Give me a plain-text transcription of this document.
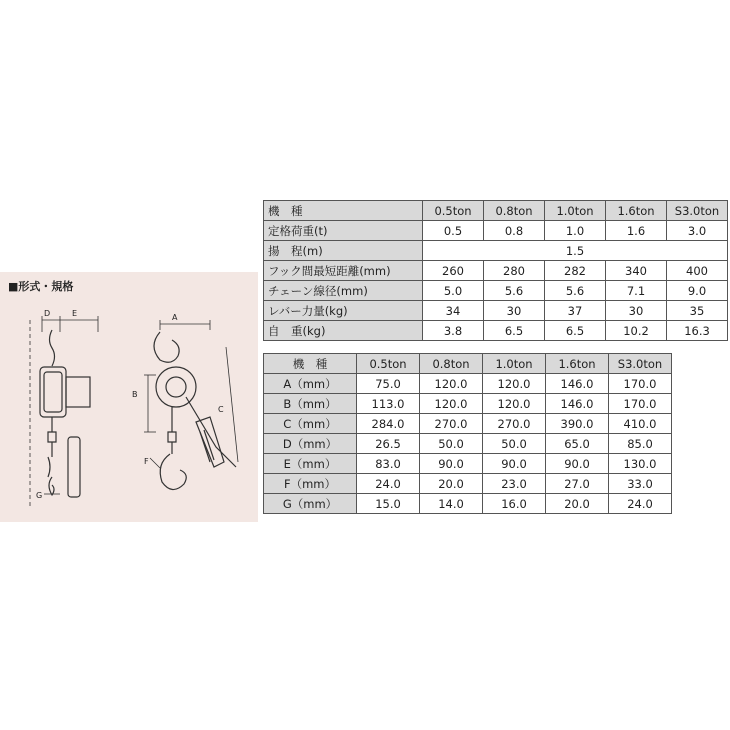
■形式・規格
D	E	A
B
C
F
G
機　種	0.5ton	0.8ton	1.0ton	1.6ton	S3.0ton
定格荷重(t)	0.5	0.8	1.0	1.6	3.0
揚　程(m)	1.5				
フック間最短距離(mm)	260	280	282	340	400
チェーン線径(mm)	5.0	5.6	5.6	7.1	9.0
レバー力量(kg)	34	30	37	30	35
自　重(kg)	3.8	6.5	6.5	10.2	16.3
機　種	0.5ton	0.8ton	1.0ton	1.6ton	S3.0ton
A（mm）	75.0	120.0	120.0	146.0	170.0
B（mm）	113.0	120.0	120.0	146.0	170.0
C（mm）	284.0	270.0	270.0	390.0	410.0
D（mm）	26.5	50.0	50.0	65.0	85.0
E（mm）	83.0	90.0	90.0	90.0	130.0
F（mm）	24.0	20.0	23.0	27.0	33.0
G（mm）	15.0	14.0	16.0	20.0	24.0
